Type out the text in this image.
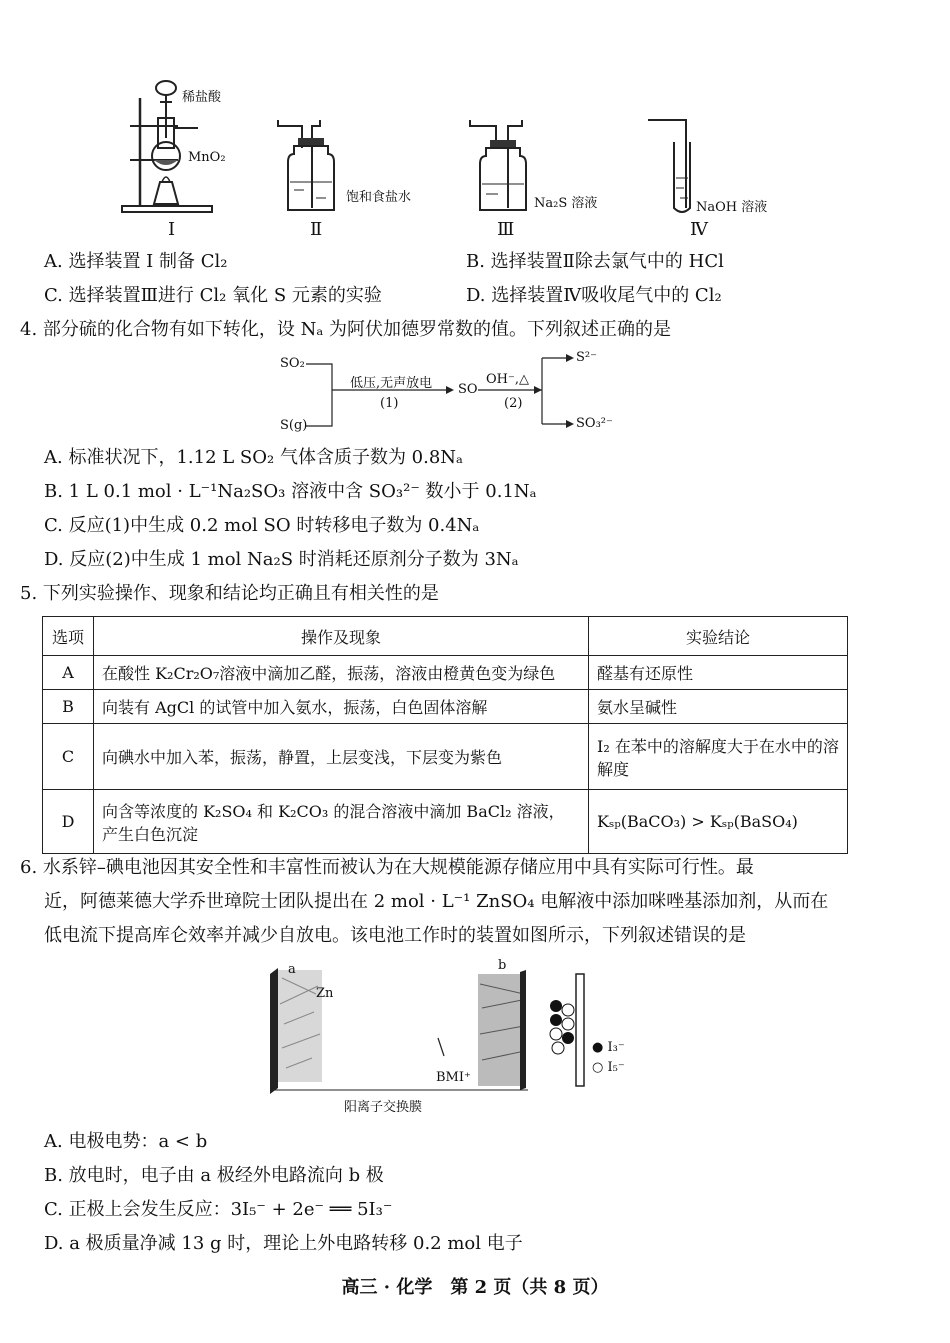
稀盐酸
MnO₂
I
饱和食盐水
Ⅱ
Na₂S 溶液
Ⅲ
NaOH 溶液
Ⅳ
A. 选择装置 I 制备 Cl₂	B. 选择装置Ⅱ除去氯气中的 HCl
C. 选择装置Ⅲ进行 Cl₂ 氧化 S 元素的实验	D. 选择装置Ⅳ吸收尾气中的 Cl₂
4. 部分硫的化合物有如下转化，设 Nₐ 为阿伏加德罗常数的值。下列叙述正确的是
SO₂
S(g)
低压,无声放电
(1)
SO
OH⁻,△
(2)
S²⁻
SO₃²⁻
A. 标准状况下，1.12 L SO₂ 气体含质子数为 0.8Nₐ
B. 1 L 0.1 mol · L⁻¹Na₂SO₃ 溶液中含 SO₃²⁻ 数小于 0.1Nₐ
C. 反应(1)中生成 0.2 mol SO 时转移电子数为 0.4Nₐ
D. 反应(2)中生成 1 mol Na₂S 时消耗还原剂分子数为 3Nₐ
5. 下列实验操作、现象和结论均正确且有相关性的是
选项	操作及现象	实验结论
A	在酸性 K₂Cr₂O₇溶液中滴加乙醛，振荡，溶液由橙黄色变为绿色	醛基有还原性
B	向装有 AgCl 的试管中加入氨水，振荡，白色固体溶解	氨水呈碱性
C	向碘水中加入苯，振荡，静置，上层变浅，下层变为紫色	I₂ 在苯中的溶解度大于在水中的溶解度
D	向含等浓度的 K₂SO₄ 和 K₂CO₃ 的混合溶液中滴加 BaCl₂ 溶液，产生白色沉淀	Kₛₚ(BaCO₃) > Kₛₚ(BaSO₄)
6. 水系锌–碘电池因其安全性和丰富性而被认为在大规模能源存储应用中具有实际可行性。最
近，阿德莱德大学乔世璋院士团队提出在 2 mol · L⁻¹ ZnSO₄ 电解液中添加咪唑基添加剂，从而在
低电流下提高库仑效率并减少自放电。该电池工作时的装置如图所示，下列叙述错误的是
a
Zn
b
BMI⁺
阳离子交换膜
● I₃⁻
○ I₅⁻
A. 电极电势：a < b
B. 放电时，电子由 a 极经外电路流向 b 极
C. 正极上会发生反应：3I₅⁻ + 2e⁻ ══ 5I₃⁻
D. a 极质量净减 13 g 时，理论上外电路转移 0.2 mol 电子
高三 · 化学　第 2 页（共 8 页）
